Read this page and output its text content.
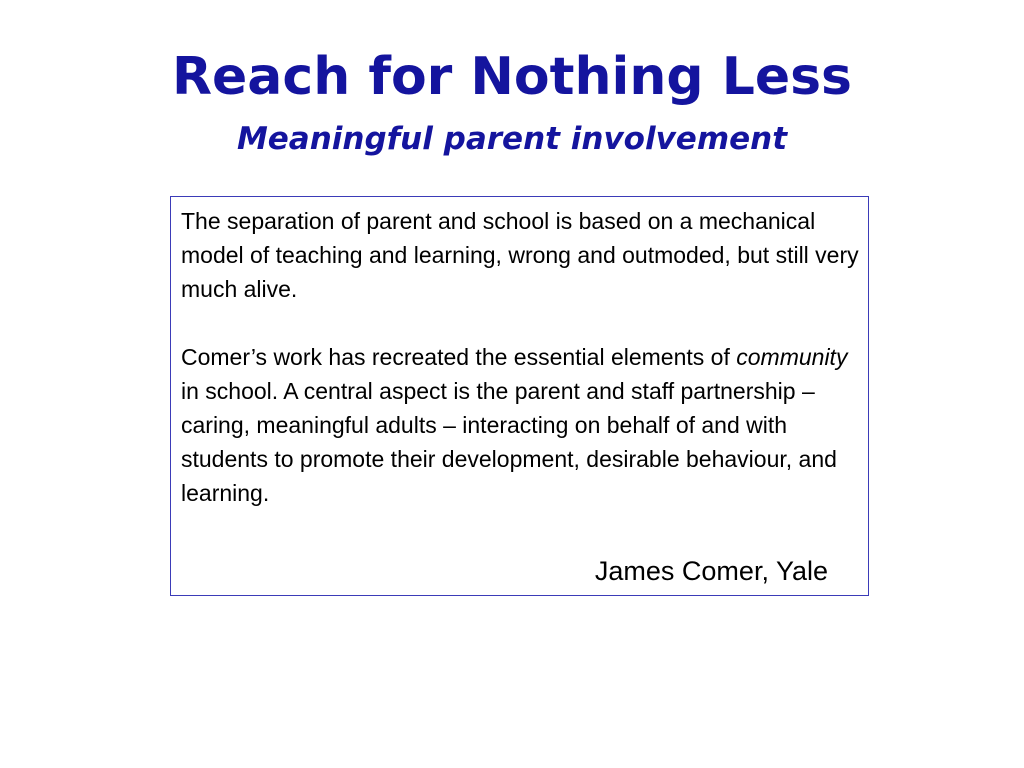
Reach for Nothing Less
Meaningful parent involvement

The separation of parent and school is based on a mechanical model of teaching and learning, wrong and outmoded, but still very much alive.

Comer’s work has recreated the essential elements of community in school. A central aspect is the parent and staff partnership – caring, meaningful adults – interacting on behalf of and with students to promote their development, desirable behaviour, and learning.

James Comer, Yale
